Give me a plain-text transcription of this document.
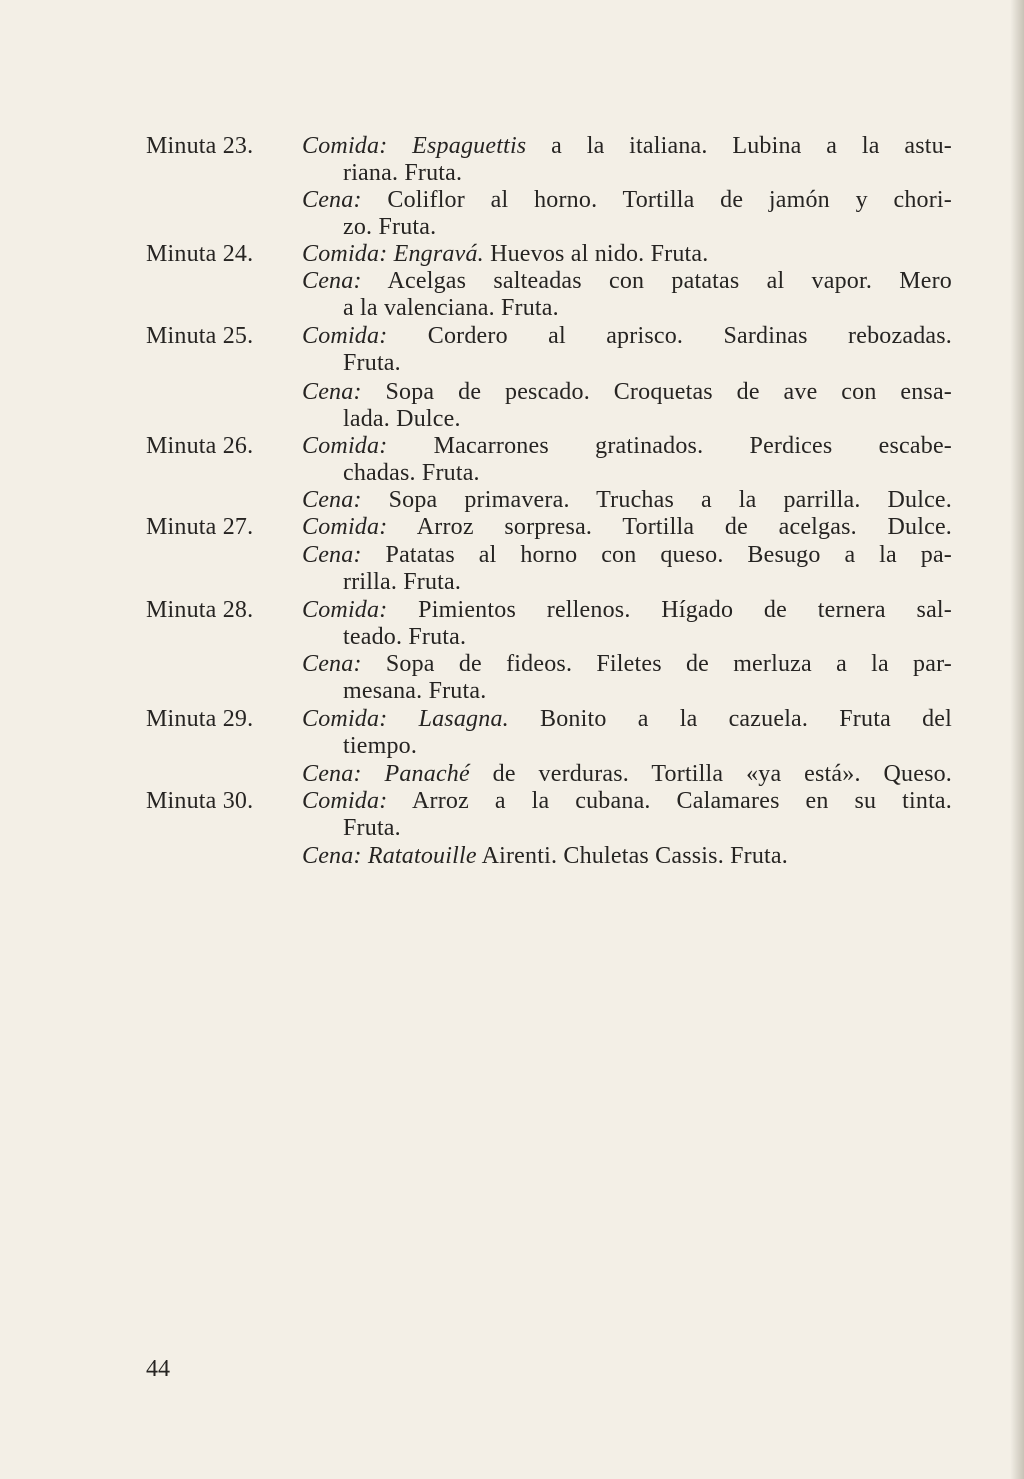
Minuta 23.	Comida: Espaguettis a la italiana. Lubina a la astu-
riana. Fruta.
Cena: Coliflor al horno. Tortilla de jamón y chori-
zo. Fruta.
Minuta 24.	Comida: Engravá. Huevos al nido. Fruta.
Cena: Acelgas salteadas con patatas al vapor. Mero
a la valenciana. Fruta.
Minuta 25.	Comida: Cordero al aprisco. Sardinas rebozadas.
Fruta.
Cena: Sopa de pescado. Croquetas de ave con ensa-
lada. Dulce.
Minuta 26.	Comida: Macarrones gratinados. Perdices escabe-
chadas. Fruta.
Cena: Sopa primavera. Truchas a la parrilla. Dulce.
Minuta 27.	Comida: Arroz sorpresa. Tortilla de acelgas. Dulce.
Cena: Patatas al horno con queso. Besugo a la pa-
rrilla. Fruta.
Minuta 28.	Comida: Pimientos rellenos. Hígado de ternera sal-
teado. Fruta.
Cena: Sopa de fideos. Filetes de merluza a la par-
mesana. Fruta.
Minuta 29.	Comida: Lasagna. Bonito a la cazuela. Fruta del
tiempo.
Cena: Panaché de verduras. Tortilla «ya está». Queso.
Minuta 30.	Comida: Arroz a la cubana. Calamares en su tinta.
Fruta.
Cena: Ratatouille Airenti. Chuletas Cassis. Fruta.
44
